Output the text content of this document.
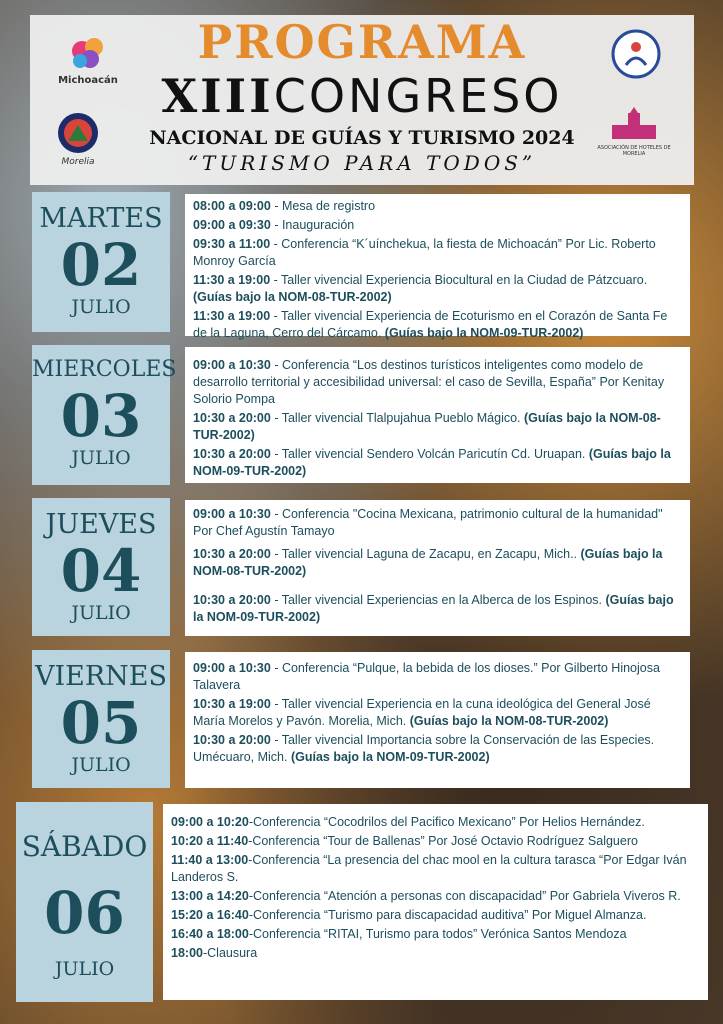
Michoacán
Morelia
ASOCIACIÓN DE HOTELES DE MORELIA
PROGRAMA
XIIICONGRESO
NACIONAL DE GUÍAS Y TURISMO 2024
“TURISMO PARA TODOS”
MARTES
02
JULIO
08:00 a 09:00 - Mesa de registro
09:00 a 09:30 - Inauguración
09:30 a 11:00 - Conferencia “K´uínchekua, la fiesta de Michoacán” Por Lic. Roberto Monroy García
11:30 a 19:00 - Taller vivencial Experiencia Biocultural en la Ciudad de Pátzcuaro. (Guías bajo la NOM-08-TUR-2002)
11:30 a 19:00 - Taller vivencial Experiencia de Ecoturismo en el Corazón de Santa Fe de la Laguna, Cerro del Cárcamo. (Guías bajo la NOM-09-TUR-2002)
MIERCOLES
03
JULIO
09:00 a 10:30 - Conferencia “Los destinos turísticos inteligentes como modelo de desarrollo territorial y accesibilidad universal: el caso de Sevilla, España” Por Kenitay Solorio Pompa
10:30 a 20:00 - Taller vivencial Tlalpujahua Pueblo Mágico. (Guías bajo la NOM-08-TUR-2002)
10:30 a 20:00 - Taller vivencial Sendero Volcán Paricutín Cd. Uruapan. (Guías bajo la NOM-09-TUR-2002)
JUEVES
04
JULIO
09:00 a 10:30 - Conferencia "Cocina Mexicana, patrimonio cultural de la humanidad" Por Chef Agustín Tamayo
10:30 a 20:00 - Taller vivencial Laguna de Zacapu, en Zacapu, Mich.. (Guías bajo la NOM-08-TUR-2002)
10:30 a 20:00 - Taller vivencial Experiencias en la Alberca de los Espinos. (Guías bajo la NOM-09-TUR-2002)
VIERNES
05
JULIO
09:00 a 10:30 - Conferencia “Pulque, la bebida de los dioses.” Por Gilberto Hinojosa Talavera
10:30 a 19:00 - Taller vivencial Experiencia en la cuna ideológica del General José María Morelos y Pavón. Morelia, Mich. (Guías bajo la NOM-08-TUR-2002)
10:30 a 20:00 - Taller vivencial Importancia sobre la Conservación de las Especies. Umécuaro, Mich. (Guías bajo la NOM-09-TUR-2002)
SÁBADO
06
JULIO
09:00 a 10:20-Conferencia “Cocodrilos del Pacifico Mexicano” Por Helios Hernández.
10:20 a 11:40-Conferencia “Tour de Ballenas” Por José Octavio Rodríguez Salguero
11:40 a 13:00-Conferencia “La presencia del chac mool en la cultura tarasca “Por Edgar Iván Landeros S.
13:00 a 14:20-Conferencia “Atención a personas con discapacidad” Por Gabriela Viveros R.
15:20 a 16:40-Conferencia “Turismo para discapacidad auditiva” Por Miguel Almanza.
16:40 a 18:00-Conferencia “RITAI, Turismo para todos” Verónica Santos Mendoza
18:00-Clausura
